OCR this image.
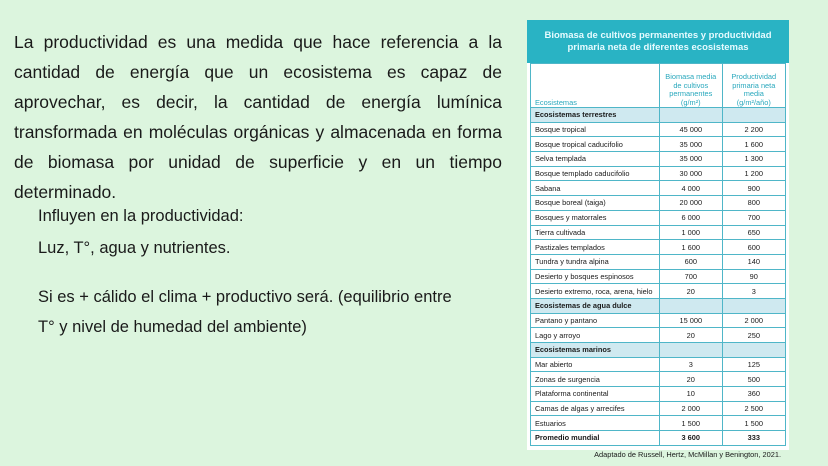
La productividad es una medida que hace referencia a la cantidad de energía que un ecosistema es capaz de aprovechar, es decir, la cantidad de energía lumínica transformada en moléculas orgánicas y almacenada en forma de biomasa por unidad de superficie y en un tiempo determinado.
Influyen en la productividad:
Luz, T°, agua y nutrientes.
Si es + cálido el clima + productivo será. (equilibrio entre
T° y nivel de humedad del ambiente)
Biomasa de cultivos permanentes y productividad primaria neta de diferentes ecosistemas
Ecosistemas	Biomasa media de cultivos permanentes (g/m²)	Productividad primaria neta media (g/m²/año)
Ecosistemas terrestres		
Bosque tropical	45 000	2 200
Bosque tropical caducifolio	35 000	1 600
Selva templada	35 000	1 300
Bosque templado caducifolio	30 000	1 200
Sabana	4 000	900
Bosque boreal (taiga)	20 000	800
Bosques y matorrales	6 000	700
Tierra cultivada	1 000	650
Pastizales templados	1 600	600
Tundra y tundra alpina	600	140
Desierto y bosques espinosos	700	90
Desierto extremo, roca, arena, hielo	20	3
Ecosistemas de agua dulce		
Pantano y pantano	15 000	2 000
Lago y arroyo	20	250
Ecosistemas marinos		
Mar abierto	3	125
Zonas de surgencia	20	500
Plataforma continental	10	360
Camas de algas y arrecifes	2 000	2 500
Estuarios	1 500	1 500
Promedio mundial	3 600	333
Adaptado de Russell, Hertz, McMillan y Benington, 2021.
